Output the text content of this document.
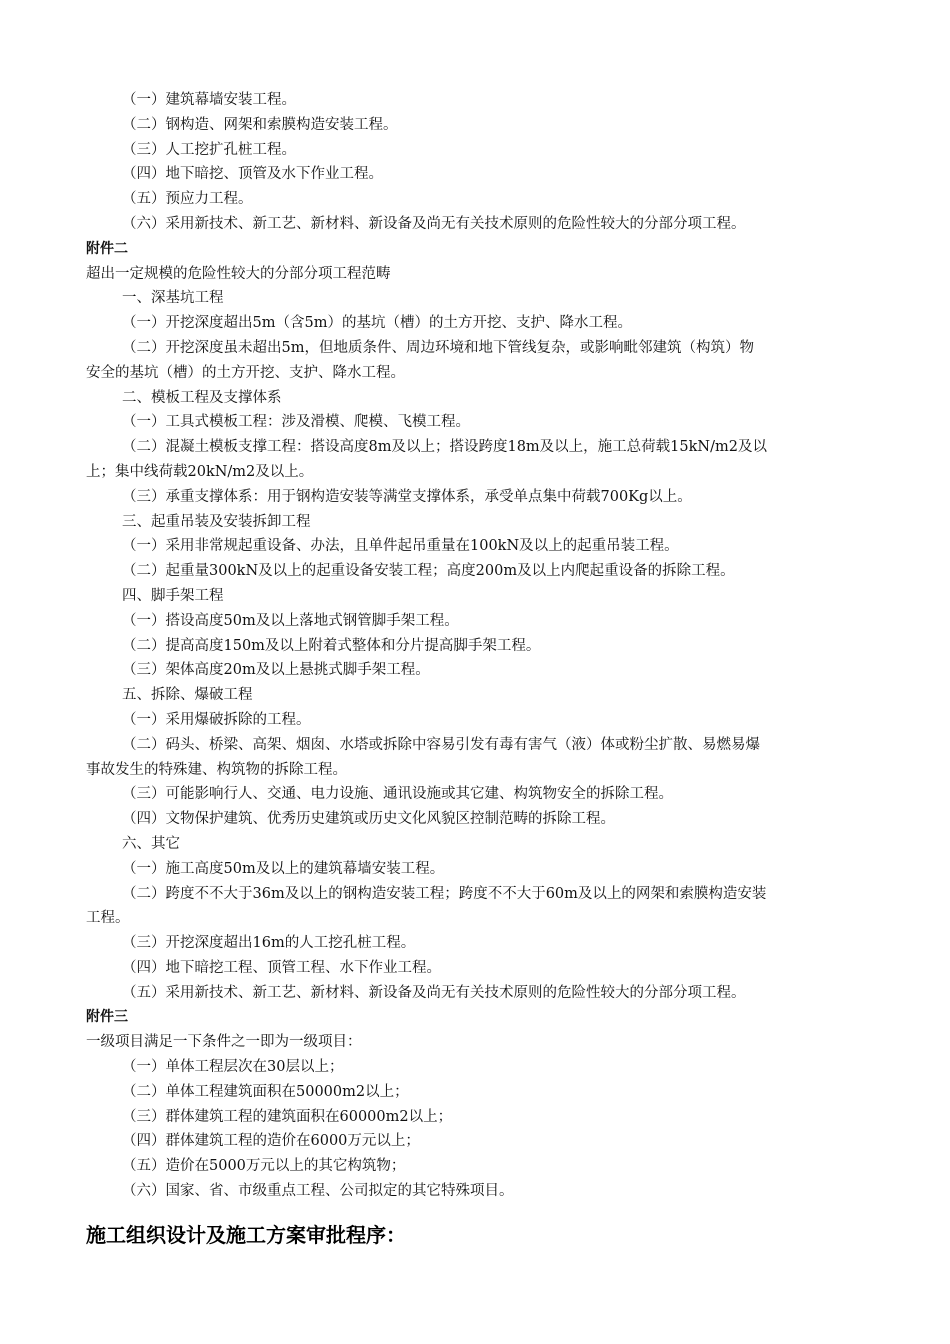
（一）建筑幕墙安装工程。
（二）钢构造、网架和索膜构造安装工程。
（三）人工挖扩孔桩工程。
（四）地下暗挖、顶管及水下作业工程。
（五）预应力工程。
（六）采用新技术、新工艺、新材料、新设备及尚无有关技术原则的危险性较大的分部分项工程。
附件二
超出一定规模的危险性较大的分部分项工程范畴
一、深基坑工程
（一）开挖深度超出5m（含5m）的基坑（槽）的土方开挖、支护、降水工程。
（二）开挖深度虽未超出5m，但地质条件、周边环境和地下管线复杂，或影响毗邻建筑（构筑）物
安全的基坑（槽）的土方开挖、支护、降水工程。
二、模板工程及支撑体系
（一）工具式模板工程：涉及滑模、爬模、飞模工程。
（二）混凝土模板支撑工程：搭设高度8m及以上；搭设跨度18m及以上，施工总荷载15kN/m2及以
上；集中线荷载20kN/m2及以上。
（三）承重支撑体系：用于钢构造安装等满堂支撑体系，承受单点集中荷载700Kg以上。
三、起重吊装及安装拆卸工程
（一）采用非常规起重设备、办法，且单件起吊重量在100kN及以上的起重吊装工程。
（二）起重量300kN及以上的起重设备安装工程；高度200m及以上内爬起重设备的拆除工程。
四、脚手架工程
（一）搭设高度50m及以上落地式钢管脚手架工程。
（二）提高高度150m及以上附着式整体和分片提高脚手架工程。
（三）架体高度20m及以上悬挑式脚手架工程。
五、拆除、爆破工程
（一）采用爆破拆除的工程。
（二）码头、桥梁、高架、烟囱、水塔或拆除中容易引发有毒有害气（液）体或粉尘扩散、易燃易爆
事故发生的特殊建、构筑物的拆除工程。
（三）可能影响行人、交通、电力设施、通讯设施或其它建、构筑物安全的拆除工程。
（四）文物保护建筑、优秀历史建筑或历史文化风貌区控制范畴的拆除工程。
六、其它
（一）施工高度50m及以上的建筑幕墙安装工程。
（二）跨度不不大于36m及以上的钢构造安装工程；跨度不不大于60m及以上的网架和索膜构造安装
工程。
（三）开挖深度超出16m的人工挖孔桩工程。
（四）地下暗挖工程、顶管工程、水下作业工程。
（五）采用新技术、新工艺、新材料、新设备及尚无有关技术原则的危险性较大的分部分项工程。
附件三
一级项目满足一下条件之一即为一级项目：
（一）单体工程层次在30层以上；
（二）单体工程建筑面积在50000m2以上；
（三）群体建筑工程的建筑面积在60000m2以上；
（四）群体建筑工程的造价在6000万元以上；
（五）造价在5000万元以上的其它构筑物；
（六）国家、省、市级重点工程、公司拟定的其它特殊项目。
施工组织设计及施工方案审批程序：
